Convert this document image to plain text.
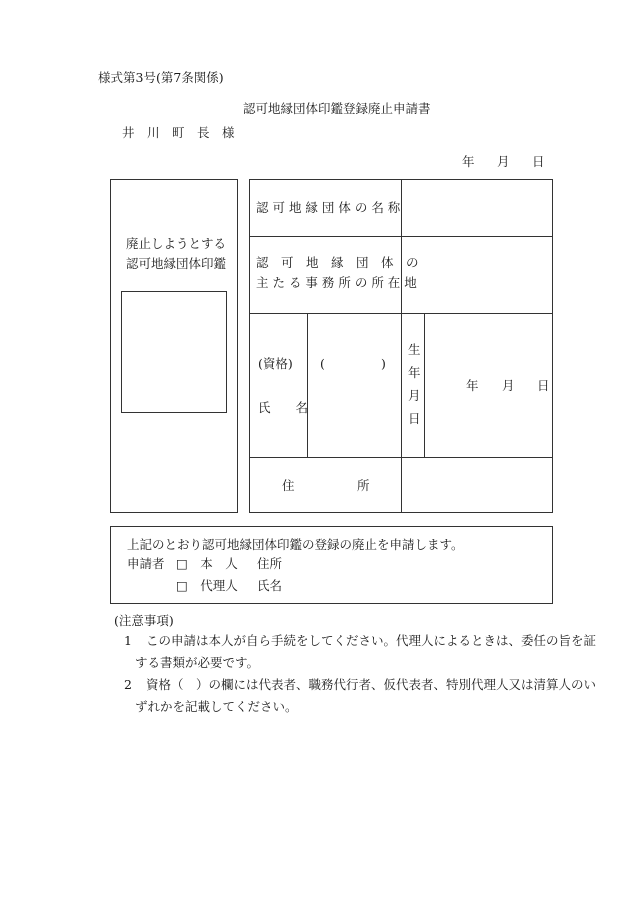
様式第3号(第7条関係)
認可地縁団体印鑑登録廃止申請書
井　川　町　長　様
年 月 日
廃止しようとする
認可地縁団体印鑑
認 可 地 縁 団 体 の 名 称
認　可　地　縁　団　体　の
主 た る 事 務 所 の 所 在 地
(資格) (	)
氏　　名
生
年
月
日
年 月 日
住　　　　　所
上記のとおり認可地縁団体印鑑の登録の廃止を申請します。
申請者 □　本　人 住所
□　代理人 氏名
(注意事項)
1 この申請は本人が自ら手続をしてください。代理人によるときは、委任の旨を証
する書類が必要です。
2 資格（　）の欄には代表者、職務代行者、仮代表者、特別代理人又は清算人のい
ずれかを記載してください。
